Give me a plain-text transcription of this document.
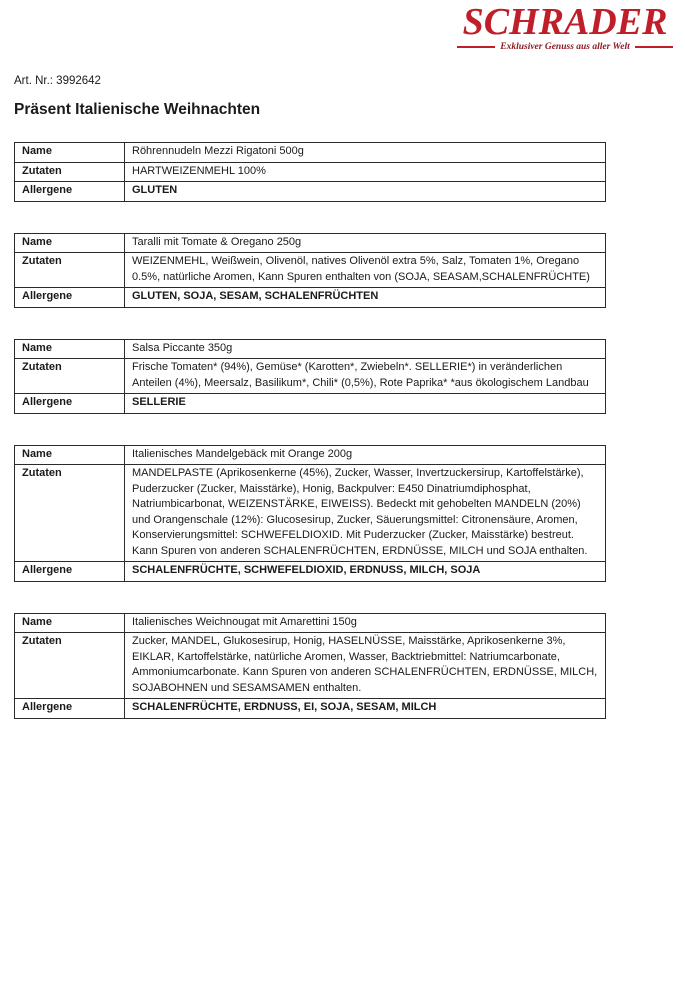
SCHRADER
Exklusiver Genuss aus aller Welt
Art. Nr.: 3992642
Präsent Italienische Weihnachten
Name	Röhrennudeln Mezzi Rigatoni 500g
Zutaten	HARTWEIZENMEHL 100%
Allergene	GLUTEN
Name	Taralli mit Tomate & Oregano 250g
Zutaten	WEIZENMEHL, Weißwein, Olivenöl, natives Olivenöl extra 5%, Salz, Tomaten 1%, Oregano 0.5%, natürliche Aromen, Kann Spuren enthalten von (SOJA, SEASAM,SCHALENFRÜCHTE)
Allergene	GLUTEN, SOJA, SESAM, SCHALENFRÜCHTEN
Name	Salsa Piccante 350g
Zutaten	Frische Tomaten* (94%), Gemüse* (Karotten*, Zwiebeln*. SELLERIE*) in veränderlichen Anteilen (4%), Meersalz, Basilikum*, Chili* (0,5%), Rote Paprika* *aus ökologischem Landbau
Allergene	SELLERIE
Name	Italienisches Mandelgebäck mit Orange 200g
Zutaten	MANDELPASTE (Aprikosenkerne (45%), Zucker, Wasser, Invertzuckersirup, Kartoffelstärke), Puderzucker (Zucker, Maisstärke), Honig, Backpulver: E450 Dinatriumdiphosphat, Natriumbicarbonat, WEIZENSTÄRKE, EIWEISS). Bedeckt mit gehobelten MANDELN (20%) und Orangenschale (12%): Glucosesirup, Zucker, Säuerungsmittel: Citronensäure, Aromen, Konservierungsmittel: SCHWEFELDIOXID. Mit Puderzucker (Zucker, Maisstärke) bestreut. Kann Spuren von anderen SCHALENFRÜCHTEN, ERDNÜSSE, MILCH und SOJA enthalten.
Allergene	SCHALENFRÜCHTE, SCHWEFELDIOXID, ERDNUSS, MILCH, SOJA
Name	Italienisches Weichnougat mit Amarettini 150g
Zutaten	Zucker, MANDEL, Glukosesirup, Honig, HASELNÜSSE, Maisstärke, Aprikosenkerne 3%, EIKLAR, Kartoffelstärke, natürliche Aromen, Wasser, Backtriebmittel: Natriumcarbonate, Ammoniumcarbonate. Kann Spuren von anderen SCHALENFRÜCHTEN, ERDNÜSSE, MILCH, SOJABOHNEN und SESAMSAMEN enthalten.
Allergene	SCHALENFRÜCHTE, ERDNUSS, EI, SOJA, SESAM, MILCH
